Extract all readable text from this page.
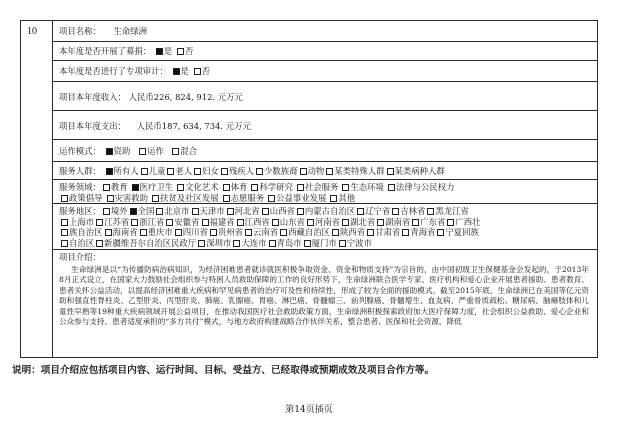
10	项目名称： 生命绿洲
本年度是否开展了募捐： 是 否
本年度是否进行了专项审计： 是 否
项目本年度收入： 人民币226, 824, 912. 元万元
项目本年度支出： 人民币187, 634, 734. 元万元
运作模式： 资助 运作 混合
服务人群： 所有人 儿童 老人 妇女 残疾人 少数族裔 动物 某类特殊人群 某类病种人群
服务领域： 教育 医疗卫生 文化艺术 体育 科学研究 社会服务 生态环境 法律与公民权力
政策倡导 灾害救助 扶贫及社区发展 志愿服务 公益事业发展 其他
服务地区： 境外 全国 北京市 天津市 河北省 山西省 内蒙古自治区 辽宁省 吉林省 黑龙江省
上海市 江苏省 浙江省 安徽省 福建省 江西省 山东省 河南省 湖北省 湖南省 广东省 广西壮
族自治区 海南省 重庆市 四川省 贵州省 云南省 西藏自治区 陕西省 甘肃省 青海省 宁夏回族
自治区 新疆维吾尔自治区民政厅 深圳市 大连市 青岛市 厦门市 宁波市
项目介绍：
生命绿洲是以“为传播防病治病知识，为经济困难患者就诊就医积极争取资金、资金和物质支持”为宗旨的，由中国初级卫生保健基金会发起的，于2013年8月正式设立，在国家大力鼓励社会组织参与特困人员救助保障的工作的良好形势下，生命绿洲联合医学专家、医疗机构和爱心企业开展患者援助、患者教育、患者关怀公益活动，以提高经济困难重大疾病和罕见病患者的治疗可及性和持续性，形成了较为全面的援助模式。截至2015年底，生命绿洲已在美国等亿元资助和强直性脊柱炎、乙型肝炎、丙型肝炎、肺癌、乳腺癌、胃癌、淋巴癌、骨髓瘤三、前列腺癌、骨髓增生、血友病、严重骨质疏松、糖尿病、脑瘫肢体和儿童性早熟等19种重大疾病领域开展公益项目，在推动我国医疗社会救助政策方面，生命绿洲积极探索政府加大医疗保障力度，社会组织公益救助、爱心企业和公众参与支持、患者适度承担的“多方共付”模式，与地方政府构建战略合作伙伴关系，整合患者、医保和社会资源，降低
说明：项目介绍应包括项目内容、运行时间、目标、受益方、已经取得或预期成效及项目合作方等。
第14页插页
